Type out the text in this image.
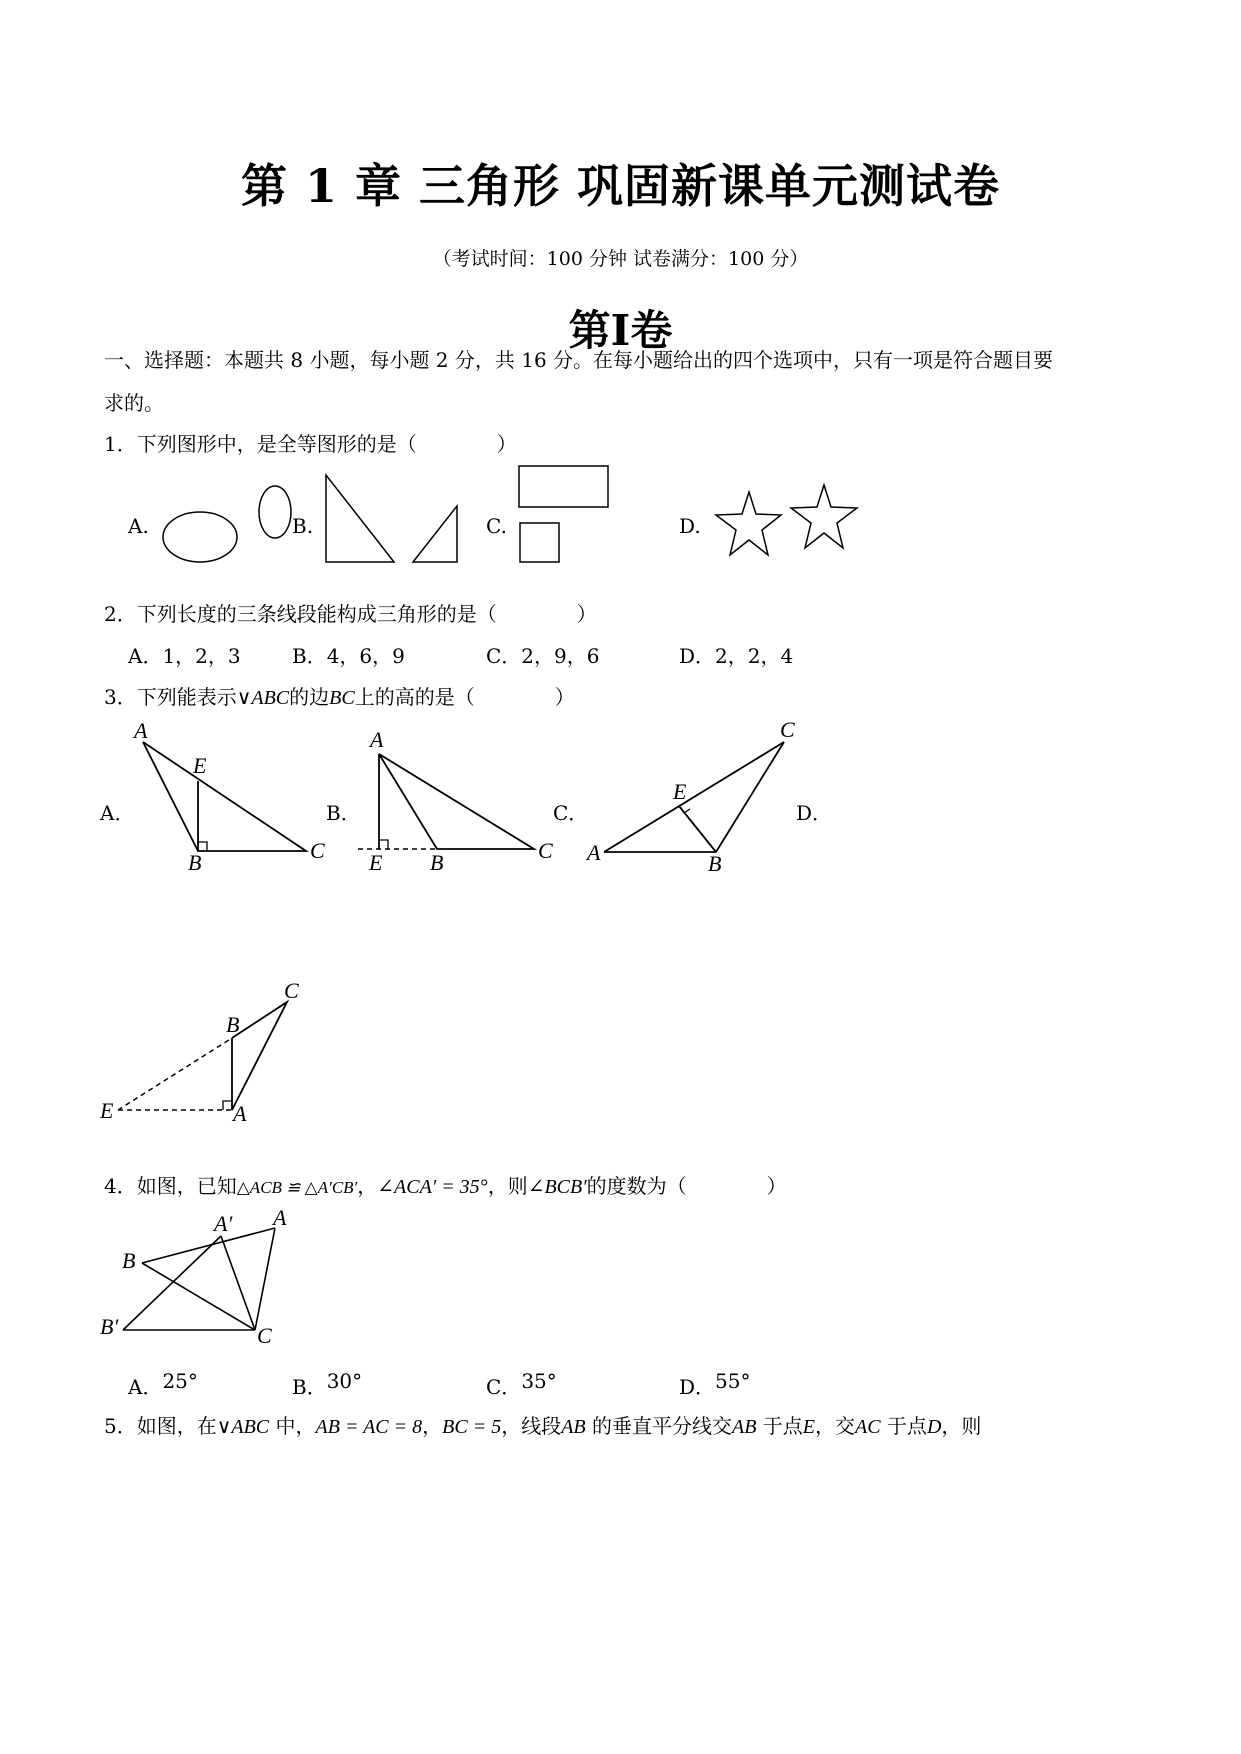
第 1 章 三角形 巩固新课单元测试卷
（考试时间：100 分钟 试卷满分：100 分）
第Ⅰ卷
一、选择题：本题共 8 小题，每小题 2 分，共 16 分。在每小题给出的四个选项中，只有一项是符合题目要
求的。
1．下列图形中，是全等图形的是（　　　　）
A.	B.	C.	D.
2．下列长度的三条线段能构成三角形的是（　　　　）
A．1，2，3	B．4，6，9	C．2，9，6	D．2，2，4
3．下列能表示∨ABC的边BC上的高的是（　　　　）
A．	B．	C．	D．
A
E
B	C
A
E B	C A
E
B
C
E
B
C
A
4．如图，已知△ACB ≌ △A′CB′，∠ACA′ = 35°，则∠BCB′的度数为（　　　　）
A′ A
B
B′	C
A．25°	B．30°	C．35°	D．55°
5．如图，在∨ABC 中，AB = AC = 8，BC = 5，线段AB 的垂直平分线交AB 于点E，交AC 于点D，则
